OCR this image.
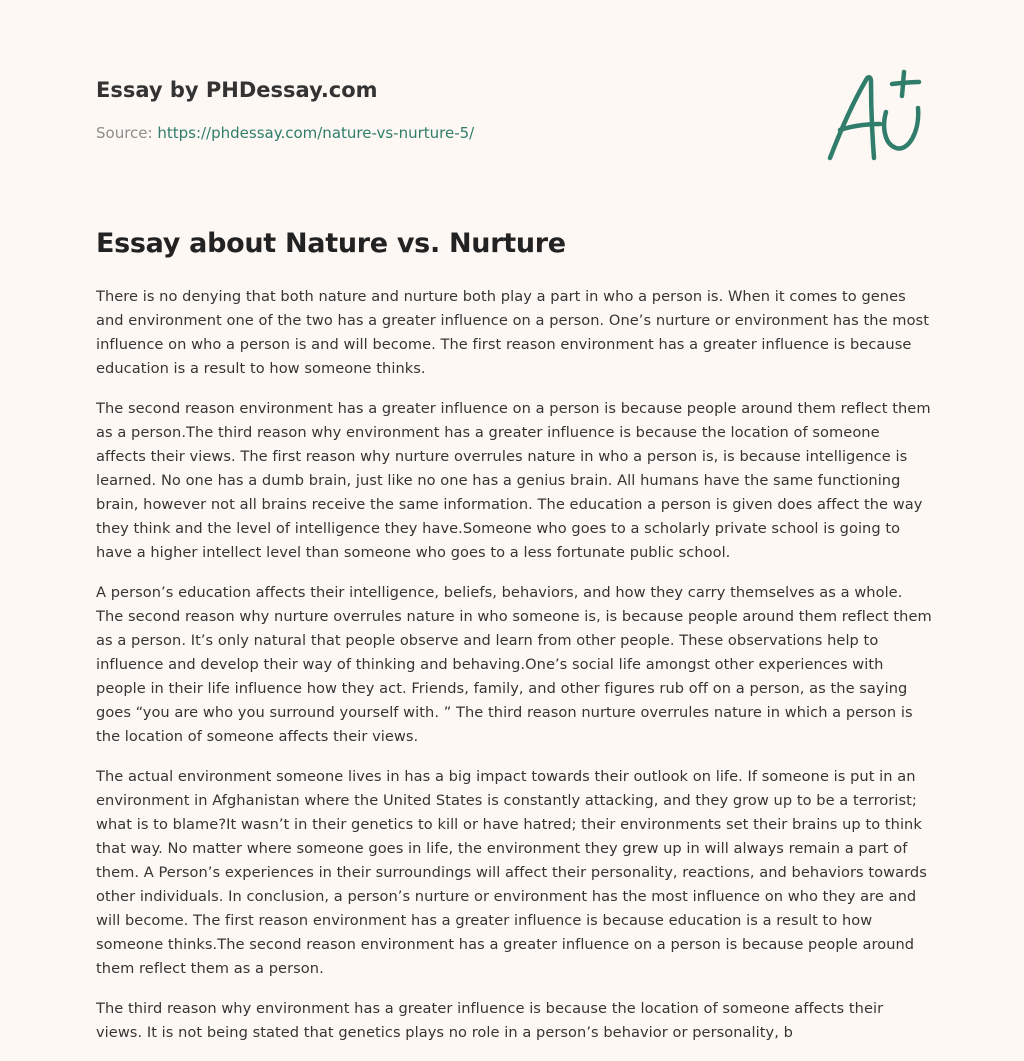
Essay by PHDessay.com
Source: https://phdessay.com/nature-vs-nurture-5/
Essay about Nature vs. Nurture

There is no denying that both nature and nurture both play a part in who a person is. When it comes to genes and environment one of the two has a greater influence on a person. One’s nurture or environment has the most influence on who a person is and will become. The first reason environment has a greater influence is because education is a result to how someone thinks.

The second reason environment has a greater influence on a person is because people around them reflect them as a person.The third reason why environment has a greater influence is because the location of someone affects their views. The first reason why nurture overrules nature in who a person is, is because intelligence is learned. No one has a dumb brain, just like no one has a genius brain. All humans have the same functioning brain, however not all brains receive the same information. The education a person is given does affect the way they think and the level of intelligence they have.Someone who goes to a scholarly private school is going to have a higher intellect level than someone who goes to a less fortunate public school.

A person’s education affects their intelligence, beliefs, behaviors, and how they carry themselves as a whole. The second reason why nurture overrules nature in who someone is, is because people around them reflect them as a person. It’s only natural that people observe and learn from other people. These observations help to influence and develop their way of thinking and behaving.One’s social life amongst other experiences with people in their life influence how they act. Friends, family, and other figures rub off on a person, as the saying goes “you are who you surround yourself with. ” The third reason nurture overrules nature in which a person is the location of someone affects their views.

The actual environment someone lives in has a big impact towards their outlook on life. If someone is put in an environment in Afghanistan where the United States is constantly attacking, and they grow up to be a terrorist; what is to blame?It wasn’t in their genetics to kill or have hatred; their environments set their brains up to think that way. No matter where someone goes in life, the environment they grew up in will always remain a part of them. A Person’s experiences in their surroundings will affect their personality, reactions, and behaviors towards other individuals. In conclusion, a person’s nurture or environment has the most influence on who they are and will become. The first reason environment has a greater influence is because education is a result to how someone thinks.The second reason environment has a greater influence on a person is because people around them reflect them as a person.

The third reason why environment has a greater influence is because the location of someone affects their views. It is not being stated that genetics plays no role in a person’s behavior or personality, b
